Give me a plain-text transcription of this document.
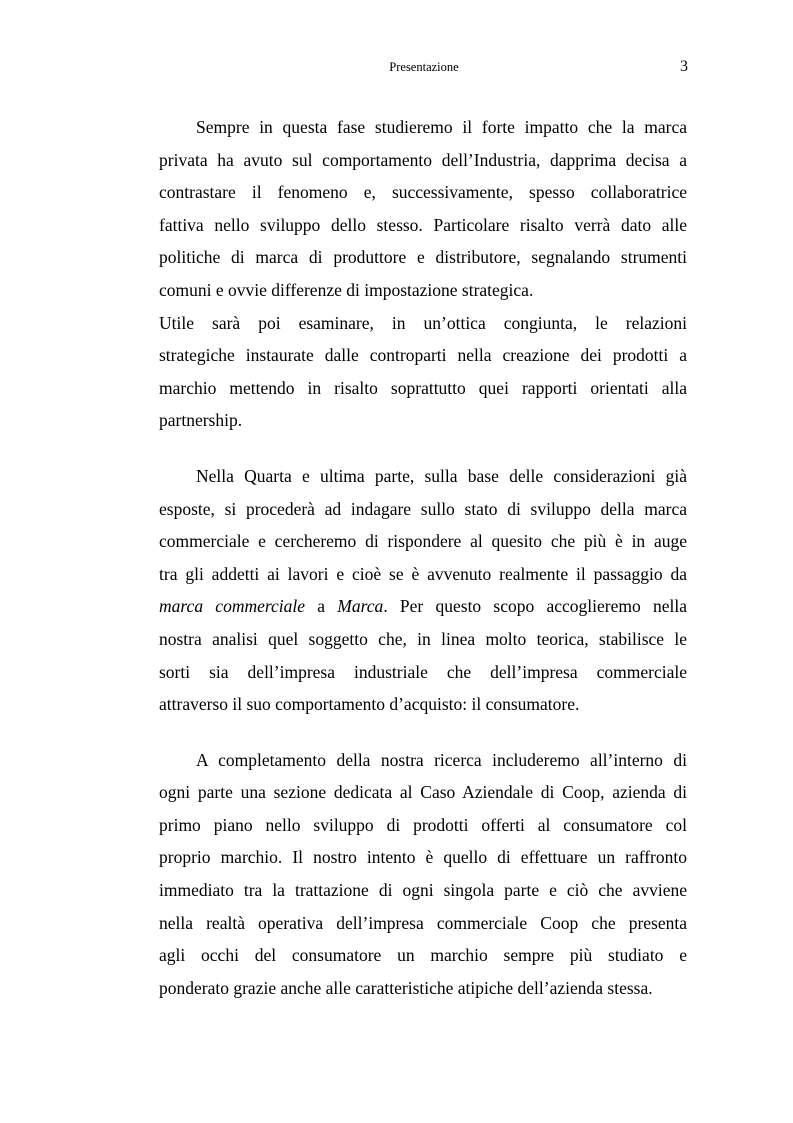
Presentazione	3

Sempre in questa fase studieremo il forte impatto che la marca
privata ha avuto sul comportamento dell’Industria, dapprima decisa a
contrastare il fenomeno e, successivamente, spesso collaboratrice
fattiva nello sviluppo dello stesso. Particolare risalto verrà dato alle
politiche di marca di produttore e distributore, segnalando strumenti
comuni e ovvie differenze di impostazione strategica.

Utile sarà poi esaminare, in un’ottica congiunta, le relazioni
strategiche instaurate dalle controparti nella creazione dei prodotti a
marchio mettendo in risalto soprattutto quei rapporti orientati alla
partnership.

Nella Quarta e ultima parte, sulla base delle considerazioni già
esposte, si procederà ad indagare sullo stato di sviluppo della marca
commerciale e cercheremo di rispondere al quesito che più è in auge
tra gli addetti ai lavori e cioè se è avvenuto realmente il passaggio da
marca commerciale a Marca. Per questo scopo accoglieremo nella
nostra analisi quel soggetto che, in linea molto teorica, stabilisce le
sorti sia dell’impresa industriale che dell’impresa commerciale
attraverso il suo comportamento d’acquisto: il consumatore.

A completamento della nostra ricerca includeremo all’interno di
ogni parte una sezione dedicata al Caso Aziendale di Coop, azienda di
primo piano nello sviluppo di prodotti offerti al consumatore col
proprio marchio. Il nostro intento è quello di effettuare un raffronto
immediato tra la trattazione di ogni singola parte e ciò che avviene
nella realtà operativa dell’impresa commerciale Coop che presenta
agli occhi del consumatore un marchio sempre più studiato e
ponderato grazie anche alle caratteristiche atipiche dell’azienda stessa.
